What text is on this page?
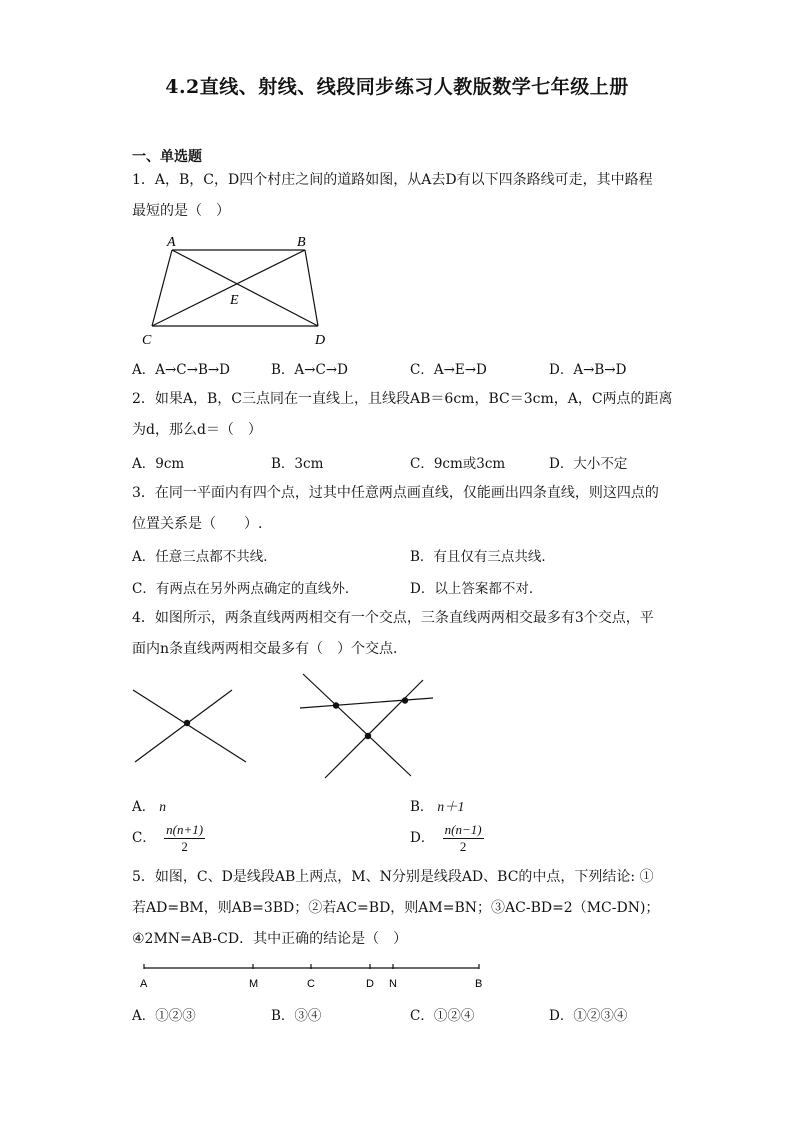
4.2直线、射线、线段同步练习人教版数学七年级上册
一、单选题
1．A，B，C，D四个村庄之间的道路如图，从A去D有以下四条路线可走，其中路程
最短的是（　）
A	B
E
C	D
A．A→C→B→D	B．A→C→D	C．A→E→D	D．A→B→D
2．如果A，B，C三点同在一直线上，且线段AB＝6cm，BC＝3cm，A，C两点的距离
为d，那么d＝（　）
A．9cm	B．3cm	C．9cm或3cm	D．大小不定
3．在同一平面内有四个点，过其中任意两点画直线，仅能画出四条直线，则这四点的
位置关系是（　　）.
A．任意三点都不共线．	B．有且仅有三点共线．
C．有两点在另外两点确定的直线外．	D．以上答案都不对．
4．如图所示，两条直线两两相交有一个交点，三条直线两两相交最多有3个交点，平
面内n条直线两两相交最多有（　）个交点．
A． n	B． n＋1
C． $\frac{n(n+1)}{2}$	D． $\frac{n(n-1)}{2}$
5．如图，C、D是线段AB上两点，M、N分别是线段AD、BC的中点，下列结论: ①
若AD=BM，则AB=3BD；②若AC=BD，则AM=BN；③AC-BD=2（MC-DN)；
④2MN=AB-CD．其中正确的结论是（　）
A	M	C	D N	B
A．①②③	B．③④	C．①②④	D．①②③④
